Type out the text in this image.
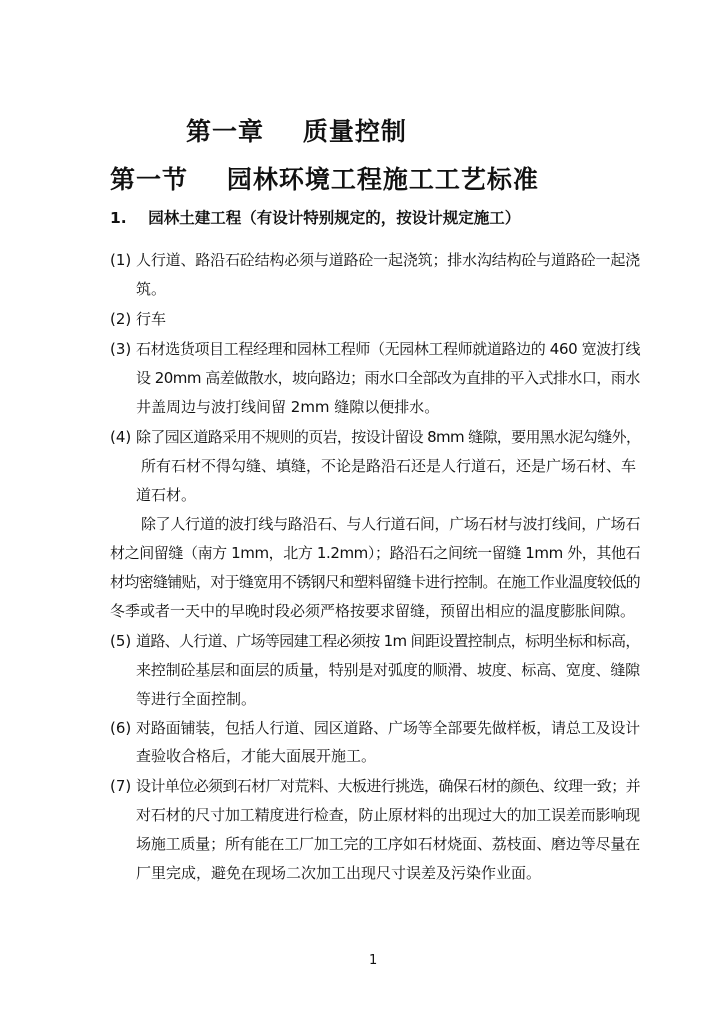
第一章    质量控制
第一节    园林环境工程施工工艺标准
1.    园林土建工程（有设计特别规定的，按设计规定施工）
(1) 人行道、路沿石砼结构必须与道路砼一起浇筑；排水沟结构砼与道路砼一起浇
筑。
(2) 行车
(3) 石材选货项目工程经理和园林工程师（无园林工程师就道路边的 460 宽波打线
设 20mm 高差做散水，坡向路边；雨水口全部改为直排的平入式排水口，雨水
井盖周边与波打线间留 2mm 缝隙以便排水。
(4) 除了园区道路采用不规则的页岩，按设计留设 8mm 缝隙，要用黑水泥勾缝外，
所有石材不得勾缝、填缝，不论是路沿石还是人行道石，还是广场石材、车
道石材。
除了人行道的波打线与路沿石、与人行道石间，广场石材与波打线间，广场石
材之间留缝（南方 1mm，北方 1.2mm）；路沿石之间统一留缝 1mm 外，其他石
材均密缝铺贴，对于缝宽用不锈钢尺和塑料留缝卡进行控制。在施工作业温度较低的
冬季或者一天中的早晚时段必须严格按要求留缝，预留出相应的温度膨胀间隙。
(5) 道路、人行道、广场等园建工程必须按 1m 间距设置控制点，标明坐标和标高，
来控制砼基层和面层的质量，特别是对弧度的顺滑、坡度、标高、宽度、缝隙
等进行全面控制。
(6) 对路面铺装，包括人行道、园区道路、广场等全部要先做样板，请总工及设计
查验收合格后，才能大面展开施工。
(7) 设计单位必须到石材厂对荒料、大板进行挑选，确保石材的颜色、纹理一致；并
对石材的尺寸加工精度进行检查，防止原材料的出现过大的加工误差而影响现
场施工质量；所有能在工厂加工完的工序如石材烧面、荔枝面、磨边等尽量在
厂里完成，避免在现场二次加工出现尺寸误差及污染作业面。
1
